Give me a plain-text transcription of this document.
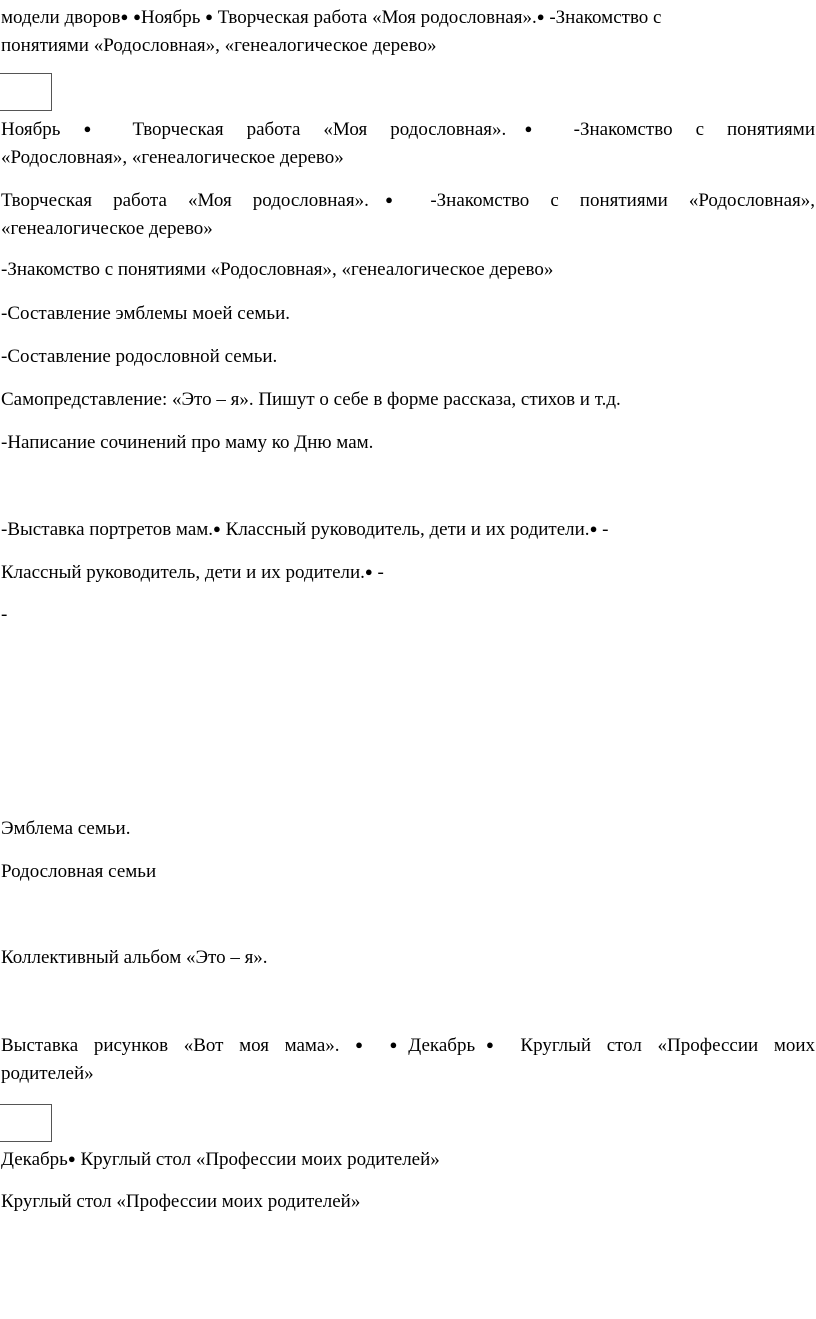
модели дворов● ●Ноябрь ● Творческая работа «Моя родословная».● -Знакомство с
понятиями «Родословная», «генеалогическое дерево»
Ноябрь ● Творческая работа «Моя родословная».● -Знакомство с понятиями
«Родословная», «генеалогическое дерево»
Творческая работа «Моя родословная».● -Знакомство с понятиями «Родословная»,
«генеалогическое дерево»
-Знакомство с понятиями «Родословная», «генеалогическое дерево»
-Составление эмблемы моей семьи.
-Составление родословной семьи.
Самопредставление: «Это – я». Пишут о себе в форме рассказа, стихов и т.д.
-Написание сочинений про маму ко Дню мам.
-Выставка портретов мам.● Классный руководитель, дети и их родители.● -
Классный руководитель, дети и их родители.● -
-
Эмблема семьи.
Родословная семьи
Коллективный альбом «Это – я».
Выставка рисунков «Вот моя мама». ● ●Декабрь● Круглый стол «Профессии моих
родителей»
Декабрь● Круглый стол «Профессии моих родителей»
Круглый стол «Профессии моих родителей»
